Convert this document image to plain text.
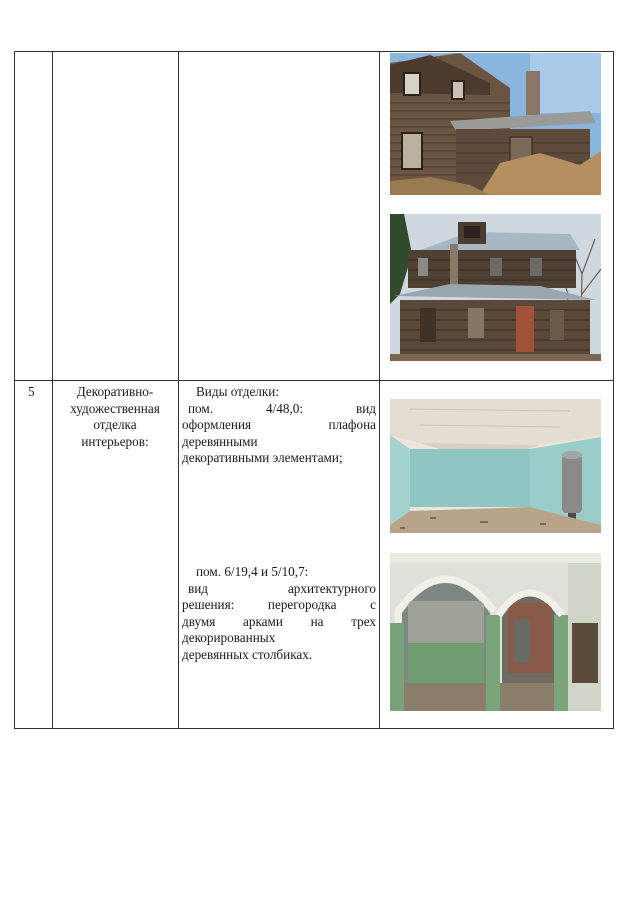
5	Декоративно-
художественная
отделка
интерьеров:
Виды отделки:
пом. 4/48,0: вид
оформления плафона
деревянными
декоративными элементами;
пом. 6/19,4 и 5/10,7:
вид архитектурного
решения: перегородка с
двумя арками на трех
декорированных
деревянных столбиках.
